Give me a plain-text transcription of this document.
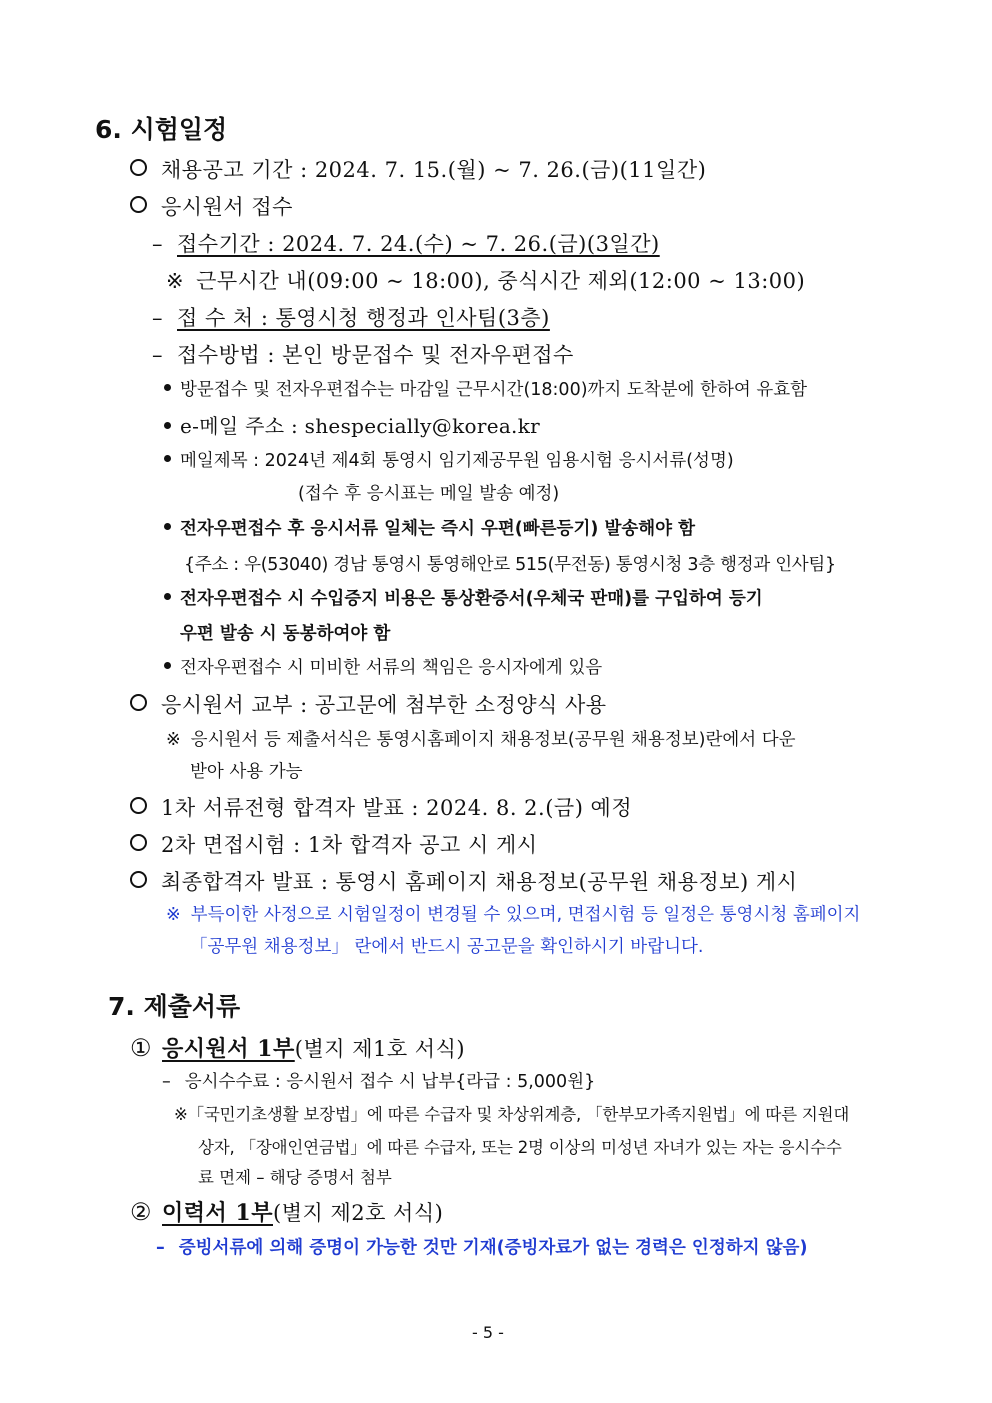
6. 시험일정
채용공고 기간 : 2024. 7. 15.(월) ~ 7. 26.(금)(11일간)
응시원서 접수
– 접수기간 : 2024. 7. 24.(수) ~ 7. 26.(금)(3일간)
※ 근무시간 내(09:00 ~ 18:00), 중식시간 제외(12:00 ~ 13:00)
– 접 수 처 : 통영시청 행정과 인사팀(3층)
– 접수방법 : 본인 방문접수 및 전자우편접수
방문접수 및 전자우편접수는 마감일 근무시간(18:00)까지 도착분에 한하여 유효함
e-메일 주소 : shespecially@korea.kr
메일제목 : 2024년 제4회 통영시 임기제공무원 임용시험 응시서류(성명)
(접수 후 응시표는 메일 발송 예정)
전자우편접수 후 응시서류 일체는 즉시 우편(빠른등기) 발송해야 함
{주소 : 우(53040) 경남 통영시 통영해안로 515(무전동) 통영시청 3층 행정과 인사팀}
전자우편접수 시 수입증지 비용은 통상환증서(우체국 판매)를 구입하여 등기
우편 발송 시 동봉하여야 함
전자우편접수 시 미비한 서류의 책임은 응시자에게 있음
응시원서 교부 : 공고문에 첨부한 소정양식 사용
※ 응시원서 등 제출서식은 통영시홈페이지 채용정보(공무원 채용정보)란에서 다운
받아 사용 가능
1차 서류전형 합격자 발표 : 2024. 8. 2.(금) 예정
2차 면접시험 : 1차 합격자 공고 시 게시
최종합격자 발표 : 통영시 홈페이지 채용정보(공무원 채용정보) 게시
※ 부득이한 사정으로 시험일정이 변경될 수 있으며, 면접시험 등 일정은 통영시청 홈페이지
「공무원 채용정보」 란에서 반드시 공고문을 확인하시기 바랍니다.
7. 제출서류
① 응시원서 1부(별지 제1호 서식)
– 응시수수료 : 응시원서 접수 시 납부{라급 : 5,000원}
※「국민기초생활 보장법」에 따른 수급자 및 차상위계층, 「한부모가족지원법」에 따른 지원대
상자, 「장애인연금법」에 따른 수급자, 또는 2명 이상의 미성년 자녀가 있는 자는 응시수수
료 면제 – 해당 증명서 첨부
② 이력서 1부(별지 제2호 서식)
– 증빙서류에 의해 증명이 가능한 것만 기재(증빙자료가 없는 경력은 인정하지 않음)
- 5 -
